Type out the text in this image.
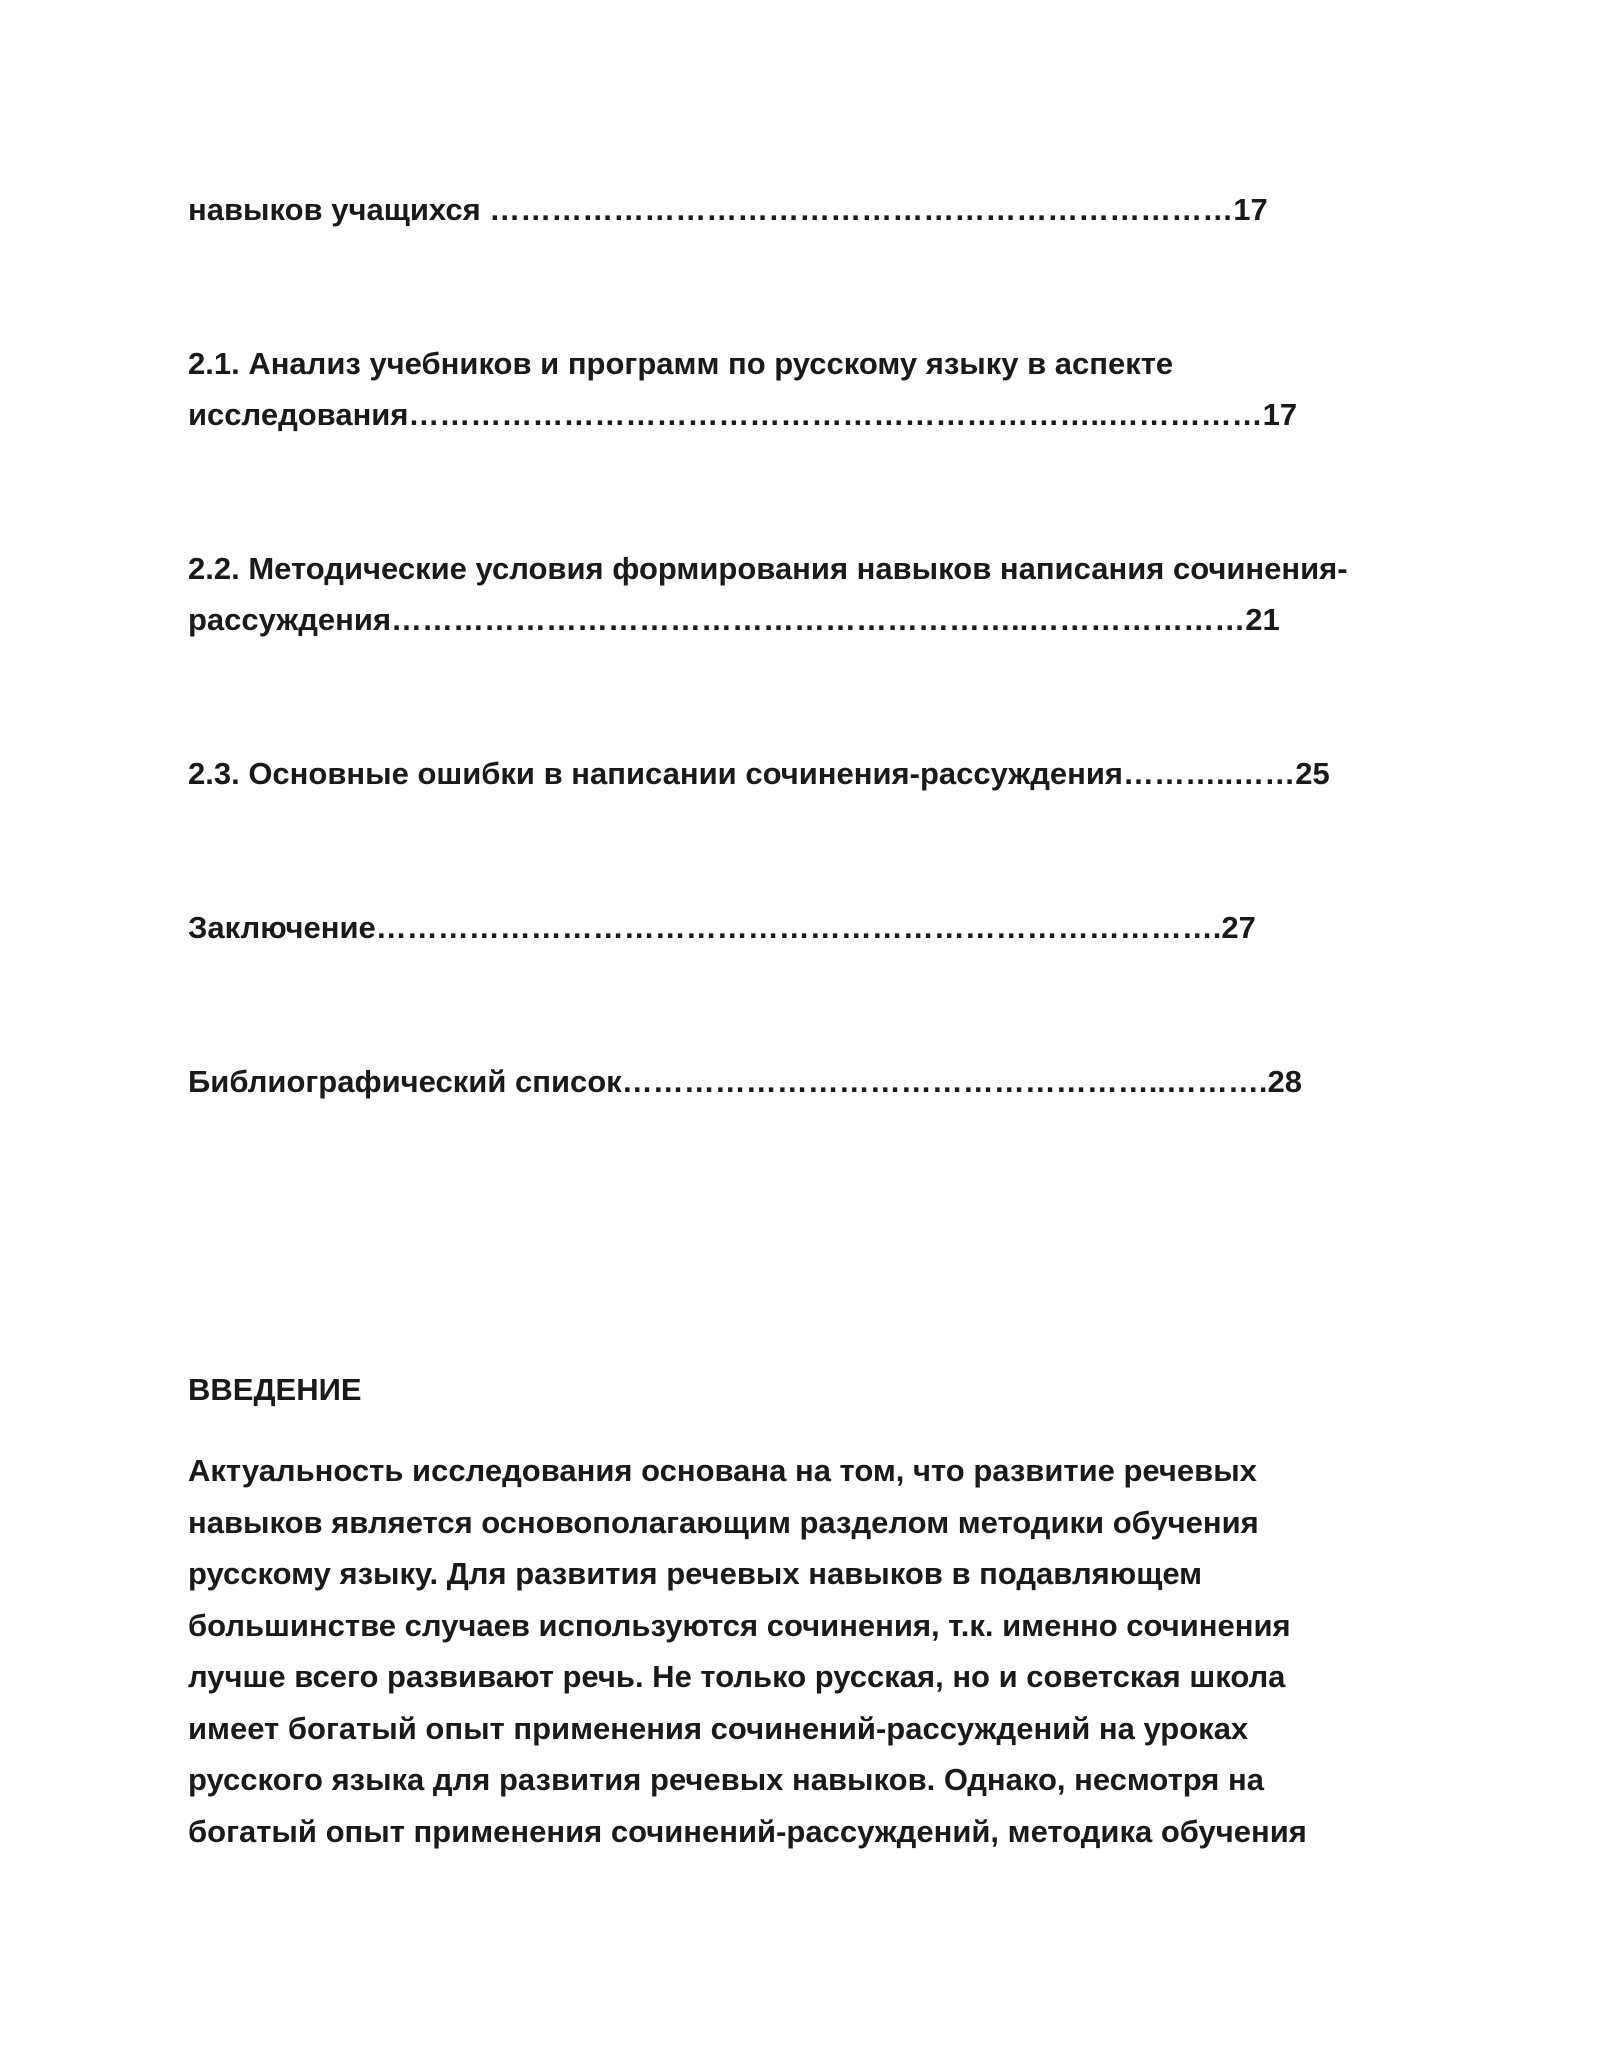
навыков учащихся ………………………………………………………………17
2.1. Анализ учебников и программ по русскому языку в аспекте
исследования…………………………………………………………..……………17
2.2. Методические условия формирования навыков написания сочинения-
рассуждения……………………………………………………..…………………21
2.3. Основные ошибки в написании сочинения-рассуждения………..……25
Заключение……………………………………………………………………….27
Библиографический список……………………………………………..……….28
ВВЕДЕНИЕ
Актуальность исследования основана на том, что развитие речевых
навыков является основополагающим разделом методики обучения
русскому языку. Для развития речевых навыков в подавляющем
большинстве случаев используются сочинения, т.к. именно сочинения
лучше всего развивают речь. Не только русская, но и советская школа
имеет богатый опыт применения сочинений-рассуждений на уроках
русского языка для развития речевых навыков. Однако, несмотря на
богатый опыт применения сочинений-рассуждений, методика обучения
